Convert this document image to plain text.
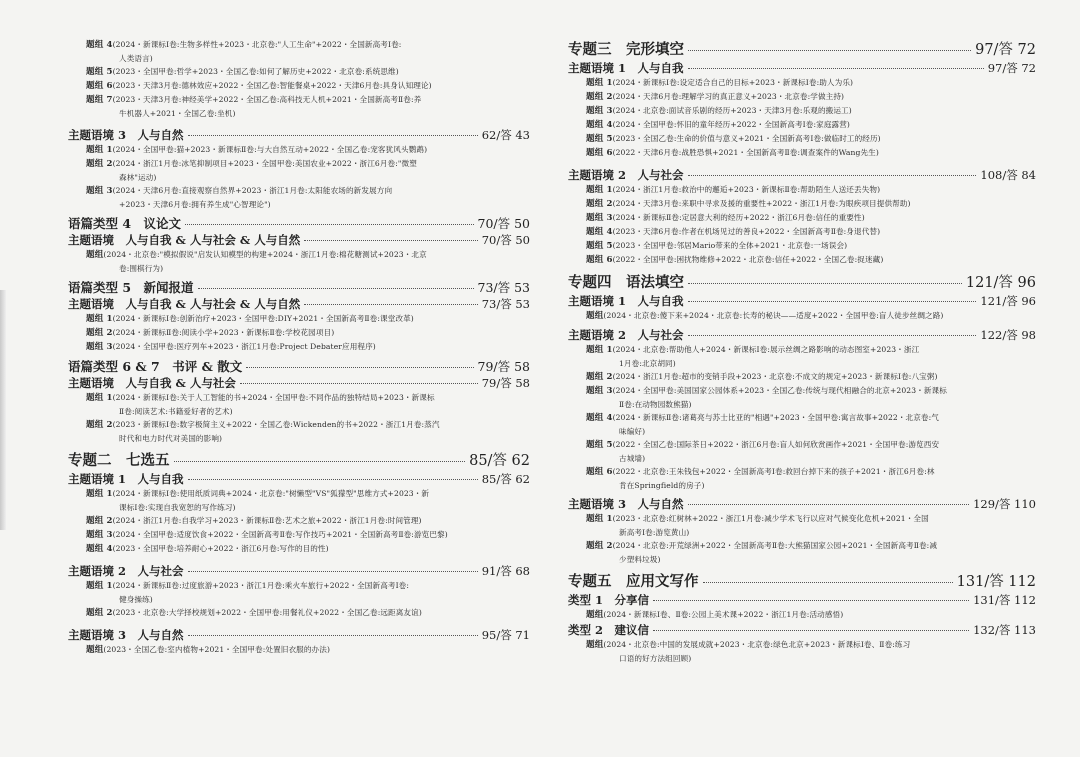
题组 4(2024・新课标Ⅰ卷:生物多样性+2023・北京卷:"人工生命"+2022・全国新高考Ⅰ卷:
人类语言)
题组 5(2023・全国甲卷:哲学+2023・全国乙卷:如何了解历史+2022・北京卷:系统思维)
题组 6(2023・天津3月卷:德林效应+2022・全国乙卷:智能餐桌+2022・天津6月卷:具身认知理论)
题组 7(2023・天津3月卷:神经美学+2022・全国乙卷:高科技无人机+2021・全国新高考Ⅱ卷:养
牛机器人+2021・全国乙卷:坐机)
主题语境 3　人与自然	62/答 43
题组 1(2024・全国甲卷:猫+2023・新课标Ⅱ卷:与大自然互动+2022・全国乙卷:宠客犹风头鹦鹉)
题组 2(2024・浙江1月卷:冰笔抑制项目+2023・全国甲卷:美国农业+2022・浙江6月卷:"微塑
森林"运动)
题组 3(2024・天津6月卷:直接观察自然界+2023・浙江1月卷:太阳能农场的新发展方向
+2023・天津6月卷:拥有养生成"心智理论")
语篇类型 4　议论文	70/答 50
主题语境　人与自我 & 人与社会 & 人与自然	70/答 50
题组(2024・北京卷:"模拟假说"启发认知模型的构建+2024・浙江1月卷:棉花糖测试+2023・北京
卷:围棋行为)
语篇类型 5　新闻报道	73/答 53
主题语境　人与自我 & 人与社会 & 人与自然	73/答 53
题组 1(2024・新课标Ⅰ卷:创新治疗+2023・全国甲卷:DIY+2021・全国新高考Ⅱ卷:课堂改革)
题组 2(2024・新课标Ⅱ卷:阅读小学+2023・新课标Ⅱ卷:学校花园项目)
题组 3(2024・全国甲卷:医疗列车+2023・浙江1月卷:Project Debater应用程序)
语篇类型 6 & 7　书评 & 散文	79/答 58
主题语境　人与自我 & 人与社会	79/答 58
题组 1(2024・新课标Ⅰ卷:关于人工智能的书+2024・全国甲卷:不同作品的独特结局+2023・新课标
Ⅱ卷:阅读艺术:书籍爱好者的艺术)
题组 2(2023・新课标Ⅰ卷:数字极简主义+2022・全国乙卷:Wickenden的书+2022・浙江1月卷:蒸汽
时代和电力时代对美国的影响)
专题二　七选五	85/答 62
主题语境 1　人与自我	85/答 62
题组 1(2024・新课标Ⅰ卷:使用纸质词典+2024・北京卷:"树懒型"VS"狐獴型"思维方式+2023・新
课标Ⅰ卷:实现自我宽恕的写作练习)
题组 2(2024・浙江1月卷:自我学习+2023・新课标Ⅱ卷:艺术之旅+2022・浙江1月卷:时间管理)
题组 3(2024・全国甲卷:适度饮食+2022・全国新高考Ⅱ卷:写作技巧+2021・全国新高考Ⅱ卷:游览巴黎)
题组 4(2023・全国甲卷:培养耐心+2022・浙江6月卷:写作的目的性)
主题语境 2　人与社会	91/答 68
题组 1(2024・新课标Ⅱ卷:过度旅游+2023・浙江1月卷:乘火车旅行+2022・全国新高考Ⅰ卷:
健身操练)
题组 2(2023・北京卷:大学择校规划+2022・全国甲卷:用餐礼仪+2022・全国乙卷:远距离友谊)
主题语境 3　人与自然	95/答 71
题组(2023・全国乙卷:室内植物+2021・全国甲卷:处置旧衣服的办法)
专题三　完形填空	97/答 72
主题语境 1　人与自我	97/答 72
题组 1(2024・新课标Ⅰ卷:设定适合自己的目标+2023・新课标Ⅰ卷:助人为乐)
题组 2(2024・天津6月卷:理解学习的真正意义+2023・北京卷:学做主持)
题组 3(2024・北京卷:面试音乐剧的经历+2023・天津3月卷:乐观的搬运工)
题组 4(2024・全国甲卷:怀旧的童年经历+2022・全国新高考Ⅰ卷:家庭露营)
题组 5(2023・全国乙卷:生命的价值与意义+2021・全国新高考Ⅰ卷:做临时工的经历)
题组 6(2022・天津6月卷:战胜恐惧+2021・全国新高考Ⅱ卷:调查案件的Wang先生)
主题语境 2　人与社会	108/答 84
题组 1(2024・浙江1月卷:救治中的邂逅+2023・新课标Ⅱ卷:帮助陌生人送还丢失物)
题组 2(2024・天津3月卷:来职中寻求及援的重要性+2022・浙江1月卷:为眼疾项目提供帮助)
题组 3(2024・新课标Ⅱ卷:定居意大利的经历+2022・浙江6月卷:信任的重要性)
题组 4(2023・天津6月卷:作者在机场见过的善良+2022・全国新高考Ⅱ卷:身退代替)
题组 5(2023・全国甲卷:邻居Mario带来的全体+2021・北京卷:一场误会)
题组 6(2022・全国甲卷:困扰物维修+2022・北京卷:信任+2022・全国乙卷:捉迷藏)
专题四　语法填空	121/答 96
主题语境 1　人与自我	121/答 96
题组(2024・北京卷:傻下来+2024・北京卷:长寿的秘诀——适度+2022・全国甲卷:盲人徒步丝绸之路)
主题语境 2　人与社会	122/答 98
题组 1(2024・北京卷:帮助他人+2024・新课标Ⅰ卷:展示丝绸之路影响的动态图室+2023・浙江
1月卷:北京胡同)
题组 2(2024・浙江1月卷:超市的变销手段+2023・北京卷:不成文的规定+2023・新课标Ⅰ卷:八宝粥)
题组 3(2024・全国甲卷:美国国家公园体系+2023・全国乙卷:传统与现代相融合的北京+2023・新课标
Ⅱ卷:在动物园数熊猫)
题组 4(2024・新课标Ⅱ卷:诸葛亮与苏士比亚的"相遇"+2023・全国甲卷:寓言故事+2022・北京卷:气
味编好)
题组 5(2022・全国乙卷:国际茶日+2022・浙江6月卷:盲人如何欣赏画作+2021・全国甲卷:游览西安
古城墙)
题组 6(2022・北京卷:王朱钱包+2022・全国新高考Ⅰ卷:救回台掉下来的孩子+2021・浙江6月卷:林
肯在Springfield的房子)
主题语境 3　人与自然	129/答 110
题组 1(2023・北京卷:红树林+2022・浙江1月卷:减少学术飞行以应对气候变化危机+2021・全国
新高考Ⅰ卷:游览黄山)
题组 2(2024・北京卷:开荒绿洲+2022・全国新高考Ⅱ卷:大熊猫国家公园+2021・全国新高考Ⅱ卷:减
少塑料垃圾)
专题五　应用文写作	131/答 112
类型 1　分享信	131/答 112
题组(2024・新课标Ⅰ卷、Ⅱ卷:公园上美术课+2022・浙江1月卷:活动感悟)
类型 2　建议信	132/答 113
题组(2024・北京卷:中国的发展成就+2023・北京卷:绿色北京+2023・新课标Ⅰ卷、Ⅱ卷:练习
口语的好方法组回顾)
